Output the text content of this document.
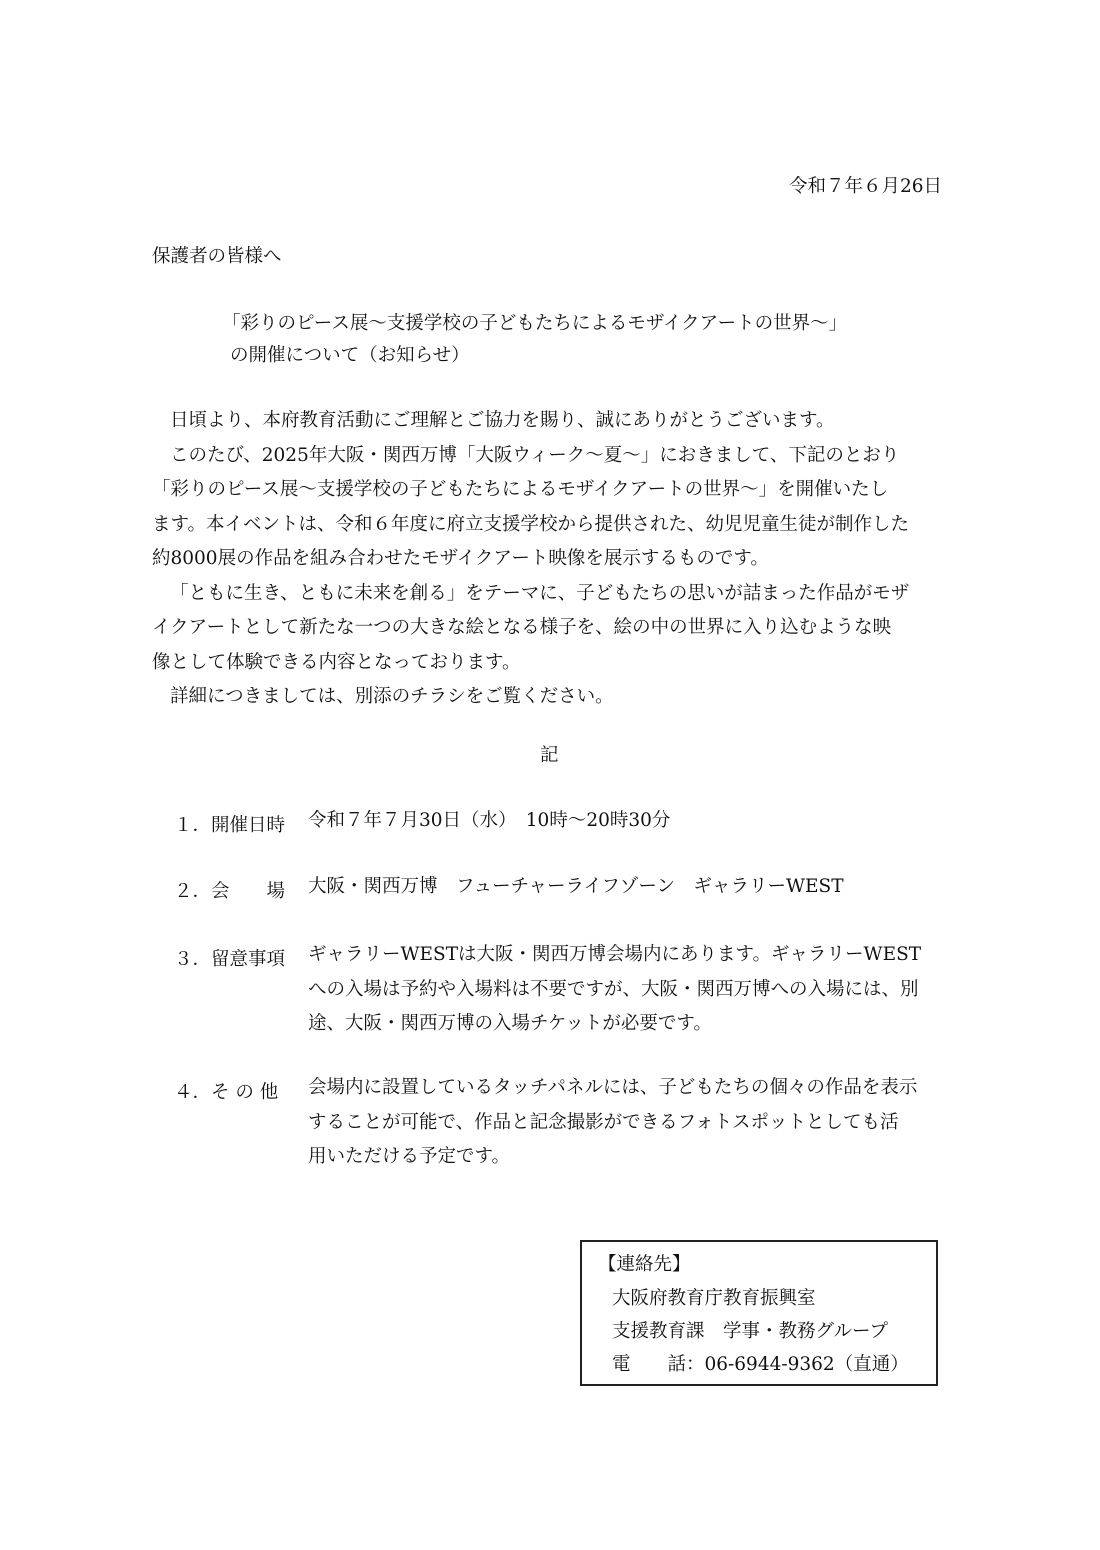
令和７年６月26日
保護者の皆様へ
「彩りのピース展〜支援学校の子どもたちによるモザイクアートの世界〜」
の開催について（お知らせ）
日頃より、本府教育活動にご理解とご協力を賜り、誠にありがとうございます。
このたび、2025年大阪・関西万博「大阪ウィーク〜夏〜」におきまして、下記のとおり
「彩りのピース展〜支援学校の子どもたちによるモザイクアートの世界〜」を開催いたし
ます。本イベントは、令和６年度に府立支援学校から提供された、幼児児童生徒が制作した
約8000展の作品を組み合わせたモザイクアート映像を展示するものです。
「ともに生き、ともに未来を創る」をテーマに、子どもたちの思いが詰まった作品がモザ
イクアートとして新たな一つの大きな絵となる様子を、絵の中の世界に入り込むような映
像として体験できる内容となっております。
詳細につきましては、別添のチラシをご覧ください。
記
１．開催日時 令和７年７月30日（水）　10時〜20時30分
２．会　　場 大阪・関西万博　フューチャーライフゾーン　ギャラリーWEST
３．留意事項 ギャラリーWESTは大阪・関西万博会場内にあります。ギャラリーWEST
への入場は予約や入場料は不要ですが、大阪・関西万博への入場には、別
途、大阪・関西万博の入場チケットが必要です。
４．そ の 他 会場内に設置しているタッチパネルには、子どもたちの個々の作品を表示
することが可能で、作品と記念撮影ができるフォトスポットとしても活
用いただける予定です。
【連絡先】
大阪府教育庁教育振興室
支援教育課　学事・教務グループ
電　　話：06-6944-9362（直通）
